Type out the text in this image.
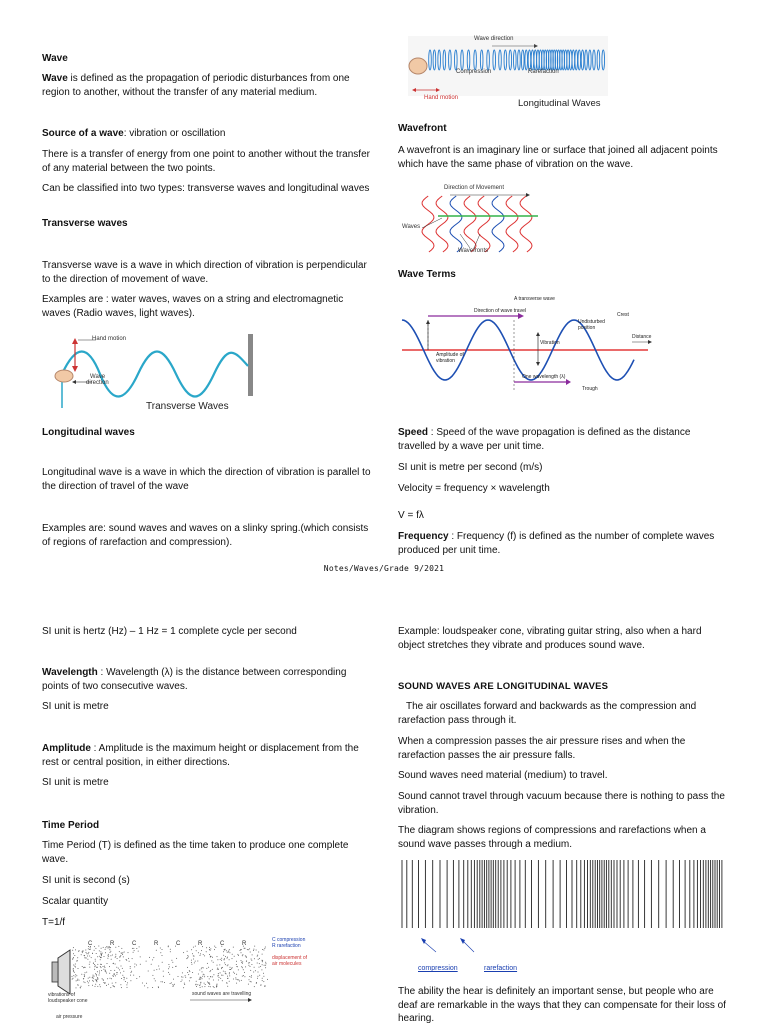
Wave

Wave is defined as the propagation of periodic disturbances from one region to another, without the transfer of any material medium.

Source of a wave: vibration or oscillation

There is a transfer of energy from one point to another without the transfer of any material between the two points.

Can be classified into two types: transverse waves and longitudinal waves

Transverse waves

Transverse wave is a wave in which direction of vibration is perpendicular to the direction of movement of wave.

Examples are : water waves, waves on a string and electromagnetic waves (Radio waves, light waves).

Hand motion
Wave
direction
Transverse Waves
Longitudinal waves

Longitudinal wave is a wave in which the direction of vibration is parallel to the direction of travel of the wave

Examples are: sound waves and waves on a slinky spring.(which consists of regions of rarefaction and compression).

Wave direction
Compression	Rarefaction
Hand motion	Longitudinal Waves
Wavefront

A wavefront is an imaginary line or surface that joined all adjacent points which have the same phase of vibration on the wave.

Direction of Movement
Waves
Wavefronts
Wave Terms
A transverse wave
Direction of wave travel
Undisturbed position
Crest
Distance
Vibration
Amplitude of vibration
One wavelength (λ)
Trough

Speed : Speed of the wave propagation is defined as the distance travelled by a wave per unit time.

SI unit is metre per second (m/s)

Velocity = frequency × wavelength

V = fλ

Frequency : Frequency (f) is defined as the number of complete waves produced per unit time.

Notes/Waves/Grade 9/2021

SI unit is hertz (Hz) – 1 Hz = 1 complete cycle per second

Wavelength : Wavelength (λ) is the distance between corresponding points of two consecutive waves.

SI unit is metre

Amplitude : Amplitude is the maximum height or displacement from the rest or central position, in either directions.

SI unit is metre

Time Period

Time Period (T) is defined as the time taken to produce one complete wave.

SI unit is second (s)

Scalar quantity

T=1/f

C	R	C	R	C	R	C	R
C compression R rarefaction
displacement of air molecules
vibrations of loudspeaker cone
sound waves are travelling
air pressure

Example: loudspeaker cone, vibrating guitar string, also when a hard object stretches they vibrate and produces sound wave.

SOUND WAVES ARE LONGITUDINAL WAVES

The air oscillates forward and backwards as the compression and rarefaction pass through it.

When a compression passes the air pressure rises and when the rarefaction passes the air pressure falls.

Sound waves need material (medium) to travel.

Sound cannot travel through vacuum because there is nothing to pass the vibration.

The diagram shows regions of compressions and rarefactions when a sound wave passes through a medium.

compression	rarefaction

The ability the hear is definitely an important sense, but people who are deaf are remarkable in the ways that they can compensate for their loss of hearing.
